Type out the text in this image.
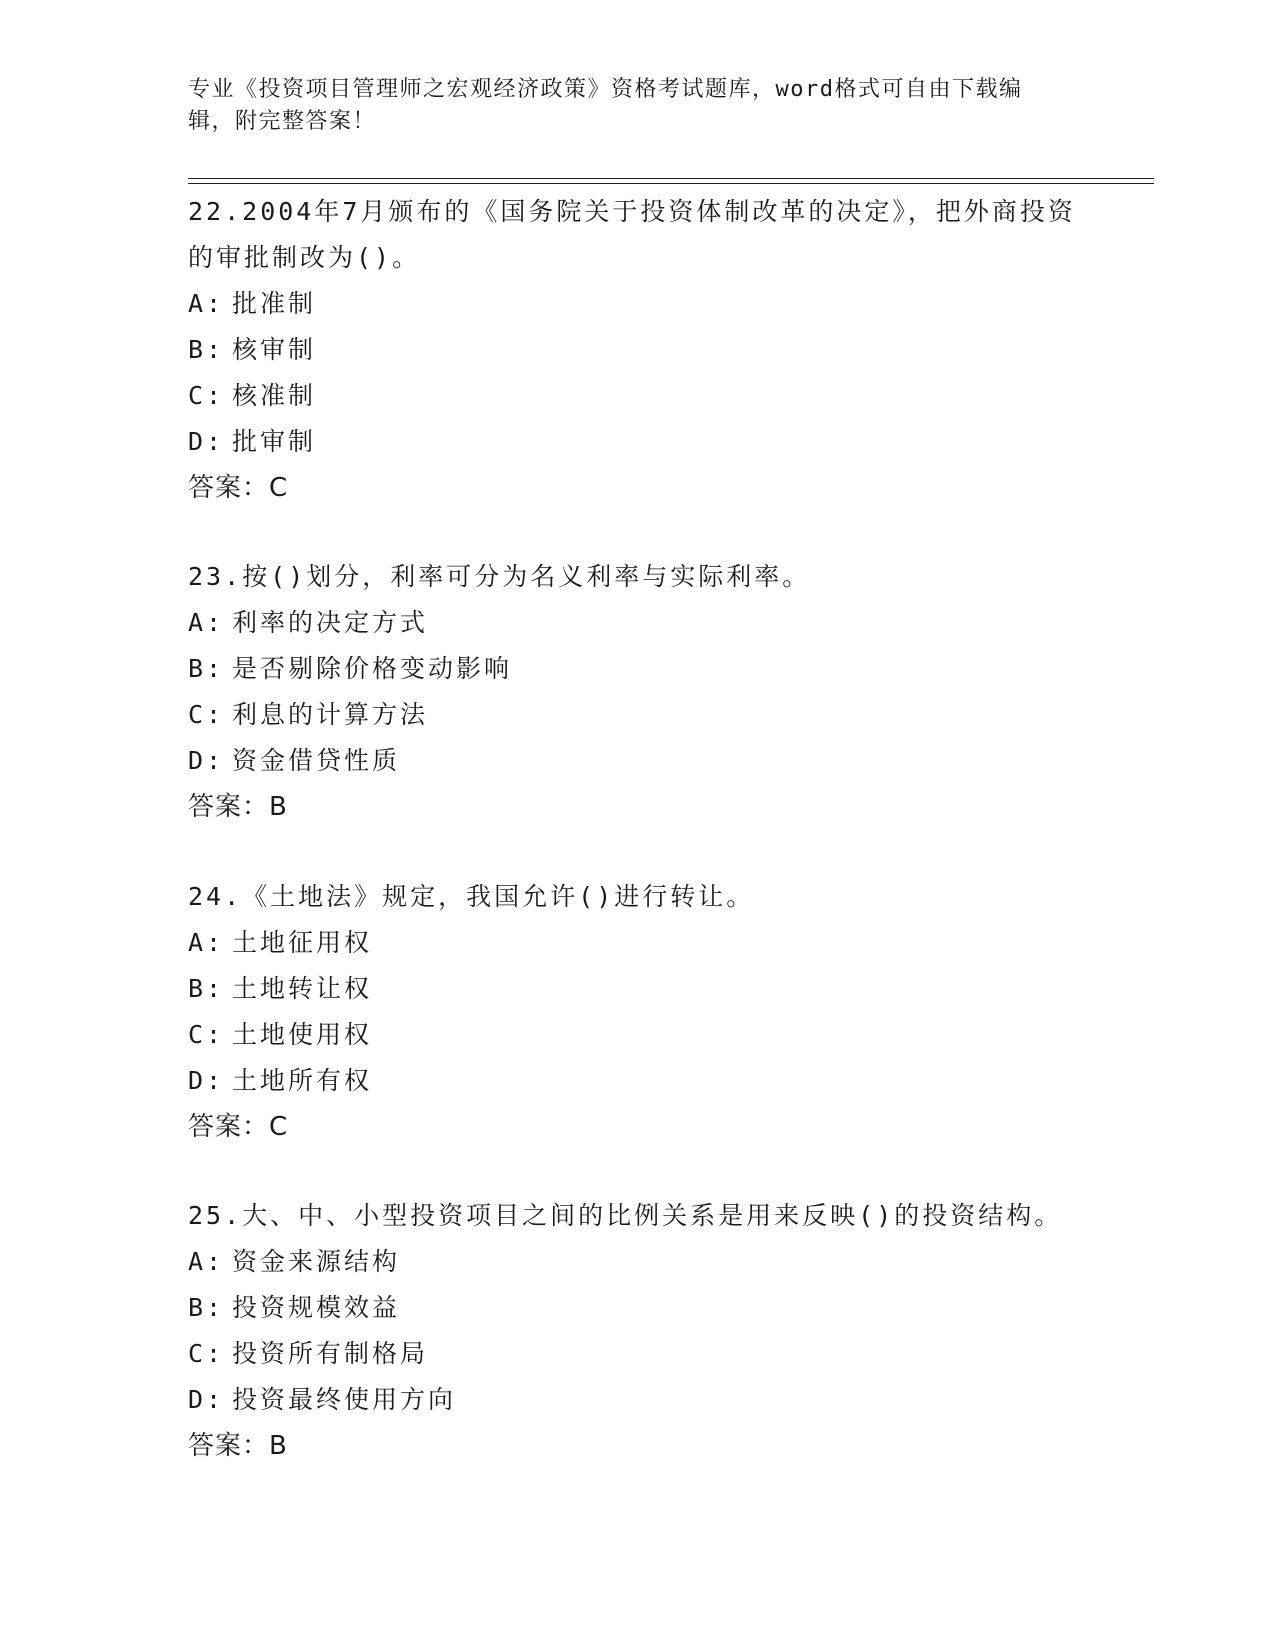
专业《投资项目管理师之宏观经济政策》资格考试题库，word格式可自由下载编辑，附完整答案！

22.2004年7月颁布的《国务院关于投资体制改革的决定》，把外商投资的审批制改为()。

A: 批准制

B: 核审制

C: 核准制

D: 批审制

答案：C

23.按()划分，利率可分为名义利率与实际利率。

A: 利率的决定方式

B: 是否剔除价格变动影响

C: 利息的计算方法

D: 资金借贷性质

答案：B

24.《土地法》规定，我国允许()进行转让。

A: 土地征用权

B: 土地转让权

C: 土地使用权

D: 土地所有权

答案：C

25.大、中、小型投资项目之间的比例关系是用来反映()的投资结构。

A: 资金来源结构

B: 投资规模效益

C: 投资所有制格局

D: 投资最终使用方向

答案：B
